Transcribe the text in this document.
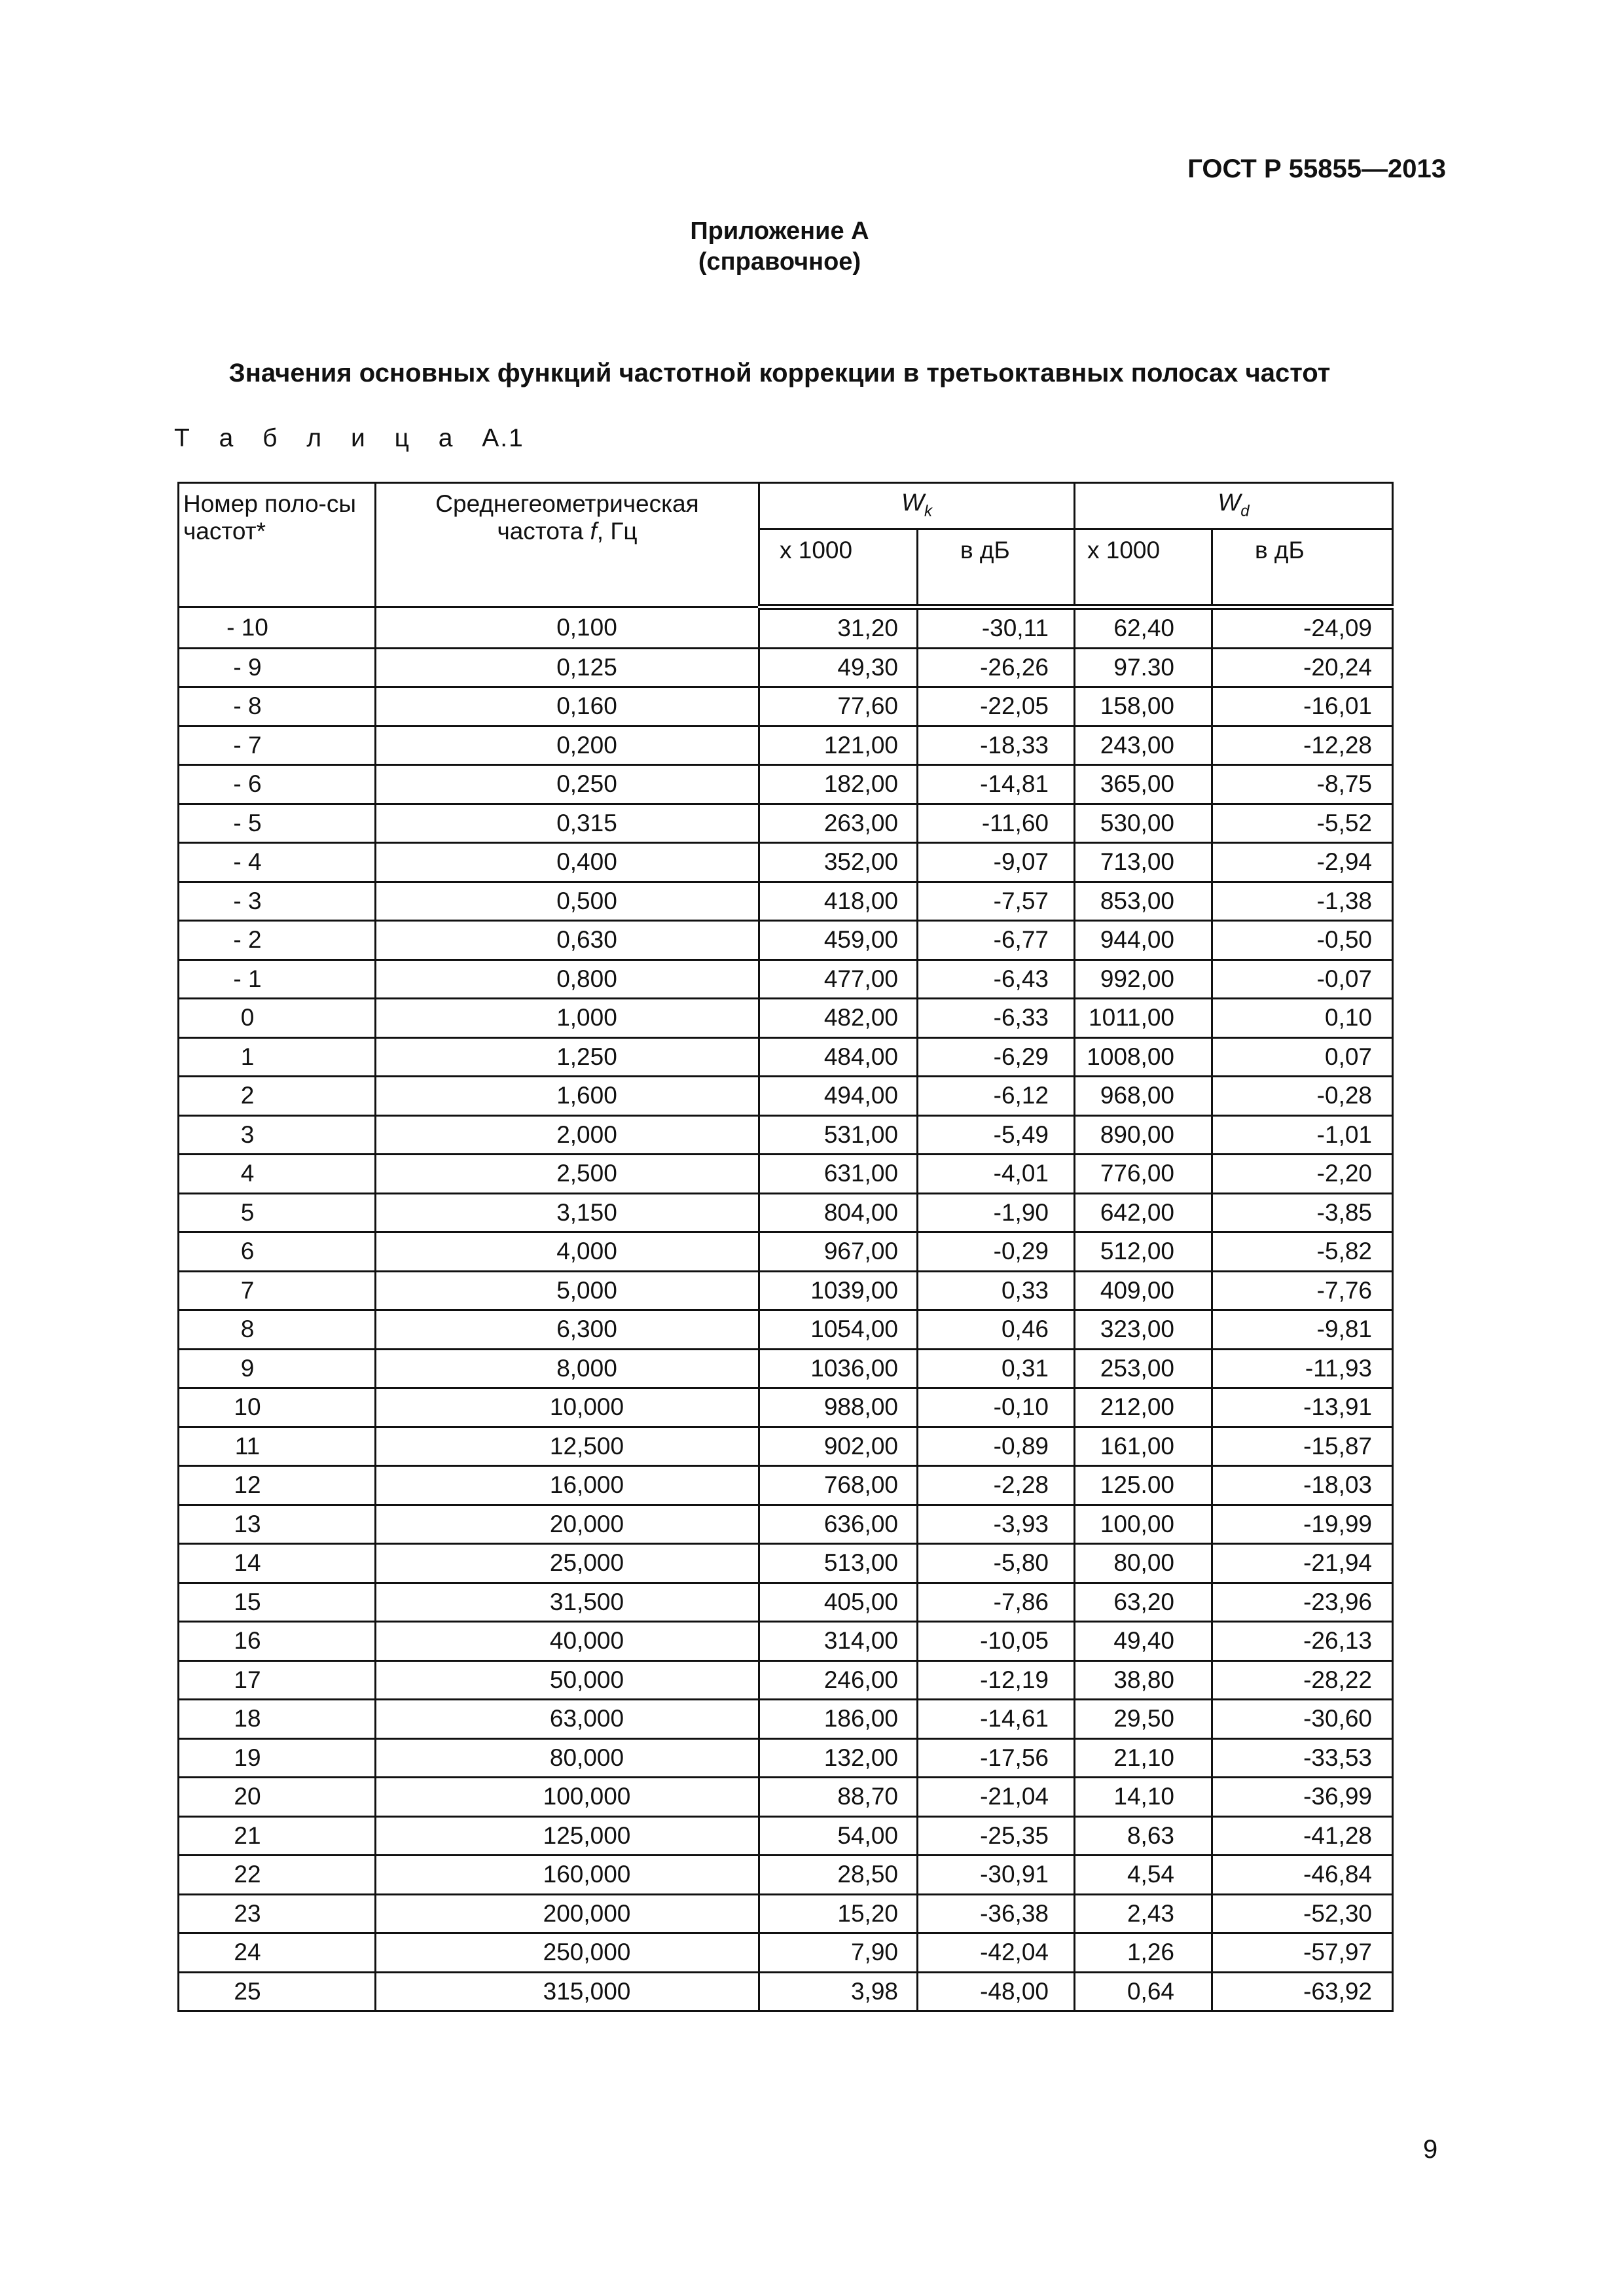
ГОСТ Р 55855—2013
Приложение А
(справочное)
Значения основных функций частотной коррекции в третьоктавных полосах частот
Т а б л и ц а А.1
Номер поло-сы частот*	Среднегеометрическая
частота f, Гц	$W_k$		$W_d$
		х 1000	в дБ	х 1000	в дБ
- 10	0,100	31,20	-30,11	62,40	-24,09
- 9	0,125	49,30	-26,26	97.30	-20,24
- 8	0,160	77,60	-22,05	158,00	-16,01
- 7	0,200	121,00	-18,33	243,00	-12,28
- 6	0,250	182,00	-14,81	365,00	-8,75
- 5	0,315	263,00	-11,60	530,00	-5,52
- 4	0,400	352,00	-9,07	713,00	-2,94
- 3	0,500	418,00	-7,57	853,00	-1,38
- 2	0,630	459,00	-6,77	944,00	-0,50
- 1	0,800	477,00	-6,43	992,00	-0,07
0	1,000	482,00	-6,33	1011,00	0,10
1	1,250	484,00	-6,29	1008,00	0,07
2	1,600	494,00	-6,12	968,00	-0,28
3	2,000	531,00	-5,49	890,00	-1,01
4	2,500	631,00	-4,01	776,00	-2,20
5	3,150	804,00	-1,90	642,00	-3,85
6	4,000	967,00	-0,29	512,00	-5,82
7	5,000	1039,00	0,33	409,00	-7,76
8	6,300	1054,00	0,46	323,00	-9,81
9	8,000	1036,00	0,31	253,00	-11,93
10	10,000	988,00	-0,10	212,00	-13,91
11	12,500	902,00	-0,89	161,00	-15,87
12	16,000	768,00	-2,28	125.00	-18,03
13	20,000	636,00	-3,93	100,00	-19,99
14	25,000	513,00	-5,80	80,00	-21,94
15	31,500	405,00	-7,86	63,20	-23,96
16	40,000	314,00	-10,05	49,40	-26,13
17	50,000	246,00	-12,19	38,80	-28,22
18	63,000	186,00	-14,61	29,50	-30,60
19	80,000	132,00	-17,56	21,10	-33,53
20	100,000	88,70	-21,04	14,10	-36,99
21	125,000	54,00	-25,35	8,63	-41,28
22	160,000	28,50	-30,91	4,54	-46,84
23	200,000	15,20	-36,38	2,43	-52,30
24	250,000	7,90	-42,04	1,26	-57,97
25	315,000	3,98	-48,00	0,64	-63,92
9
